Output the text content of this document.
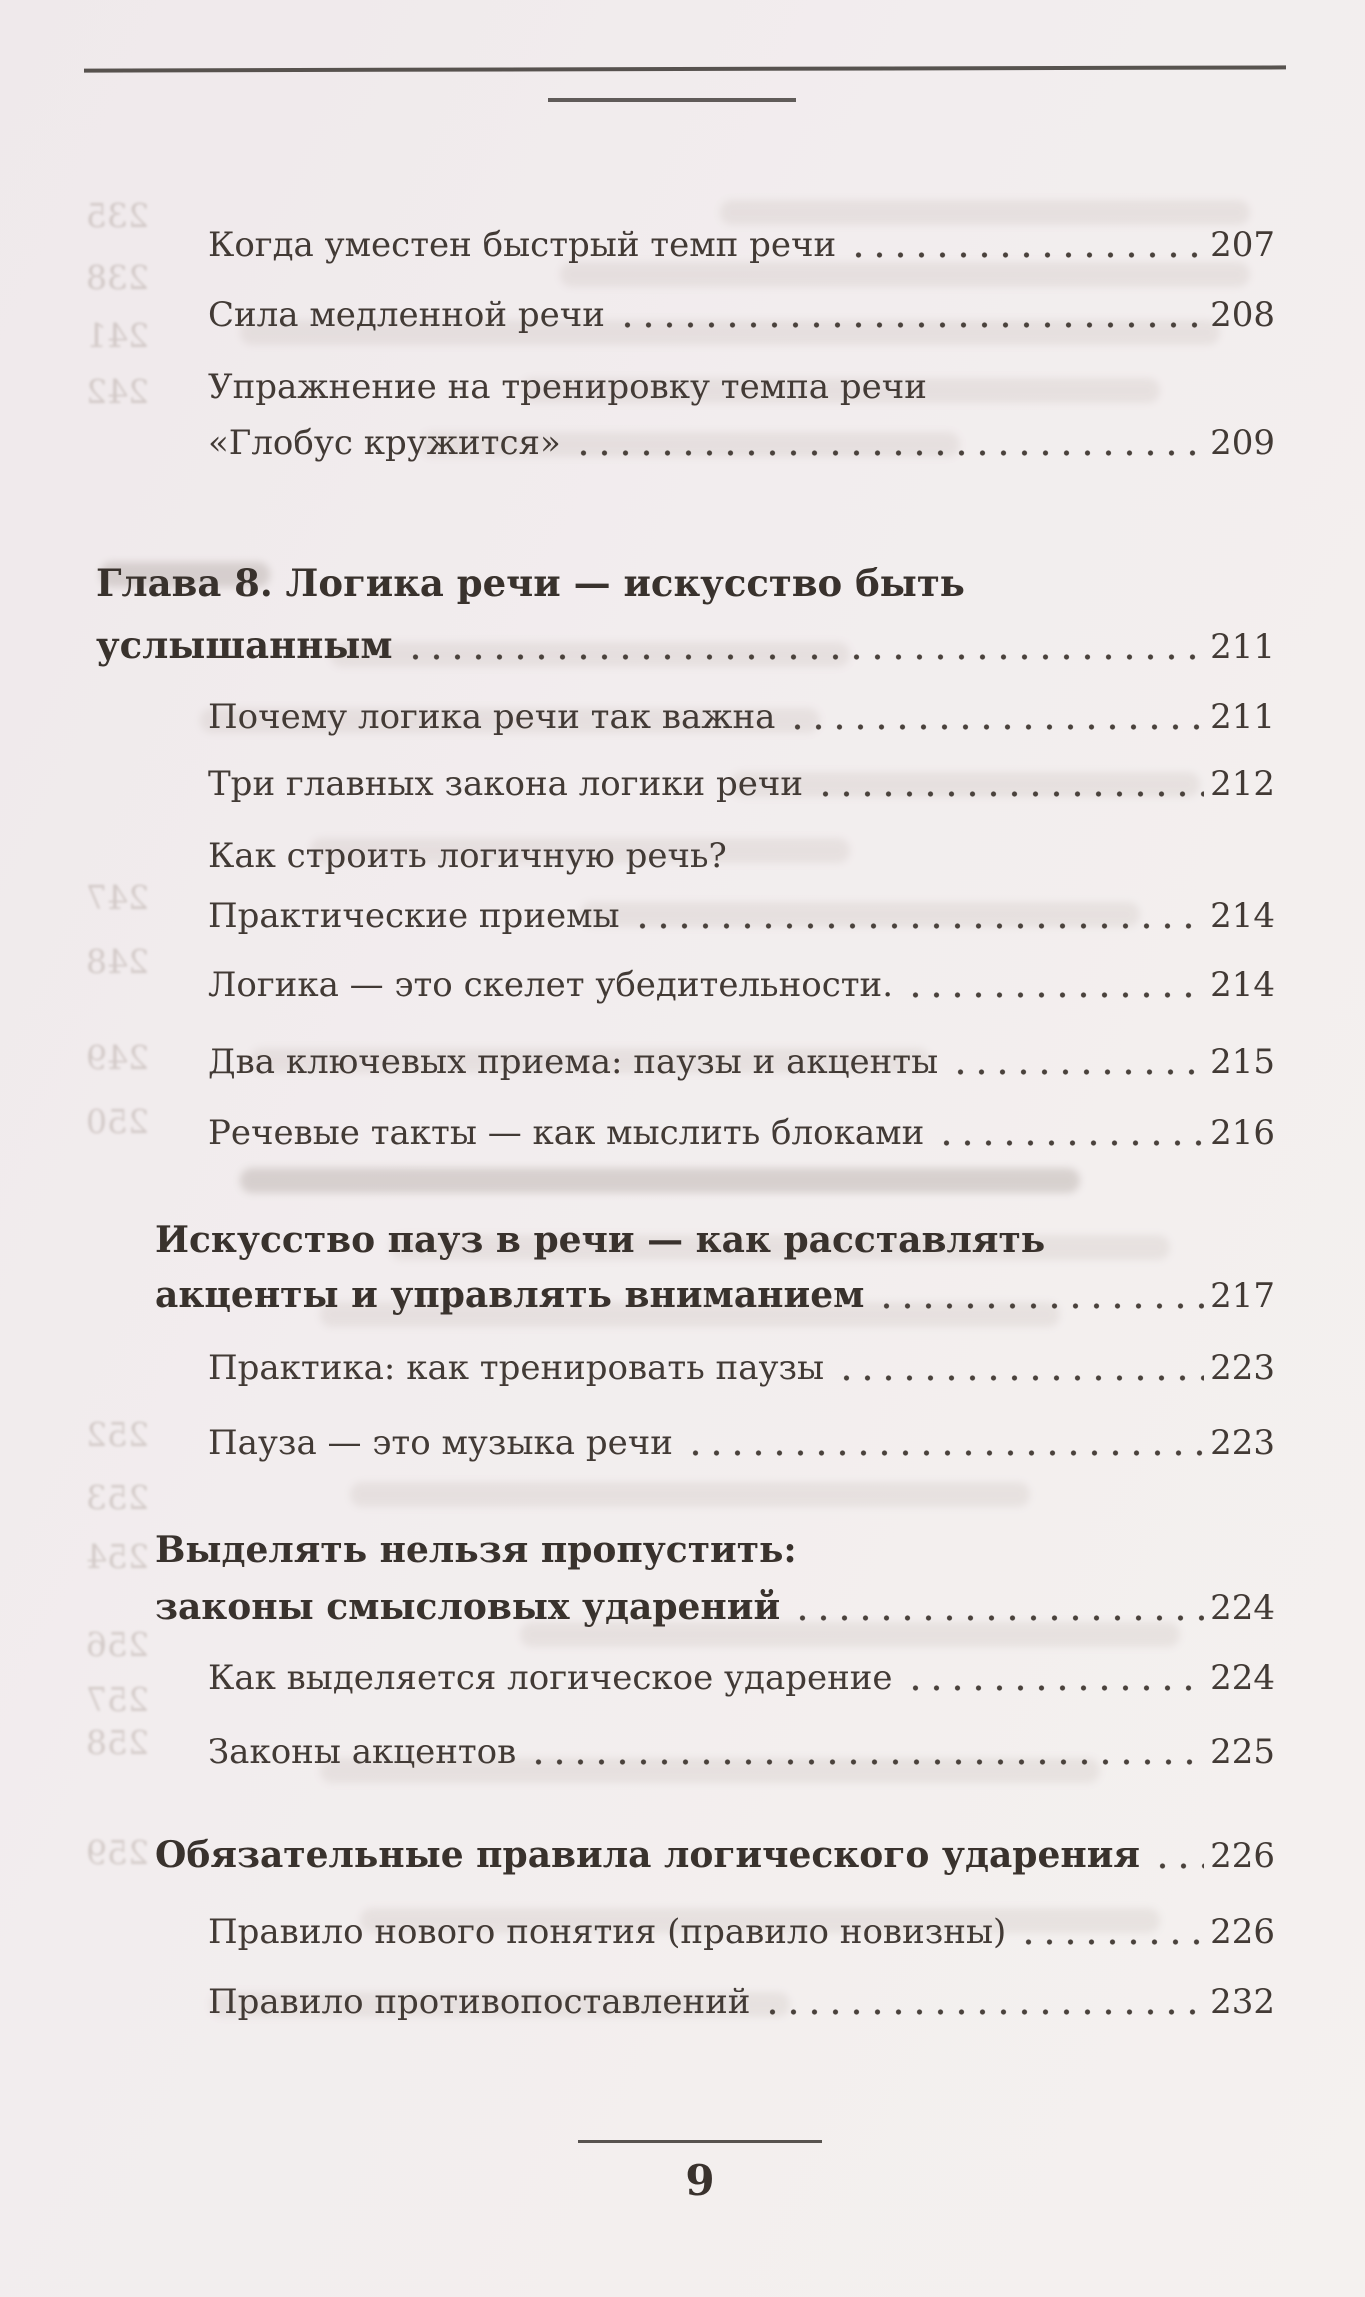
235
238
241
242
247
248
249
250
252
253
254
256
257
258
259
Когда уместен быстрый темп речи	207
Сила медленной речи	208
Упражнение на тренировку темпа речи
«Глобус кружится»	209
Глава 8. Логика речи — искусство быть
услышанным	211
Почему логика речи так важна	211
Три главных закона логики речи	212
Как строить логичную речь?
Практические приемы	214
Логика — это скелет убедительности.	214
Два ключевых приема: паузы и акценты	215
Речевые такты — как мыслить блоками	216
Искусство пауз в речи — как расставлять
акценты и управлять вниманием	217
Практика: как тренировать паузы	223
Пауза — это музыка речи	223
Выделять нельзя пропустить:
законы смысловых ударений	224
Как выделяется логическое ударение	224
Законы акцентов	225
Обязательные правила логического ударения 226
Правило нового понятия (правило новизны)	226
Правило противопоставлений	232
9
